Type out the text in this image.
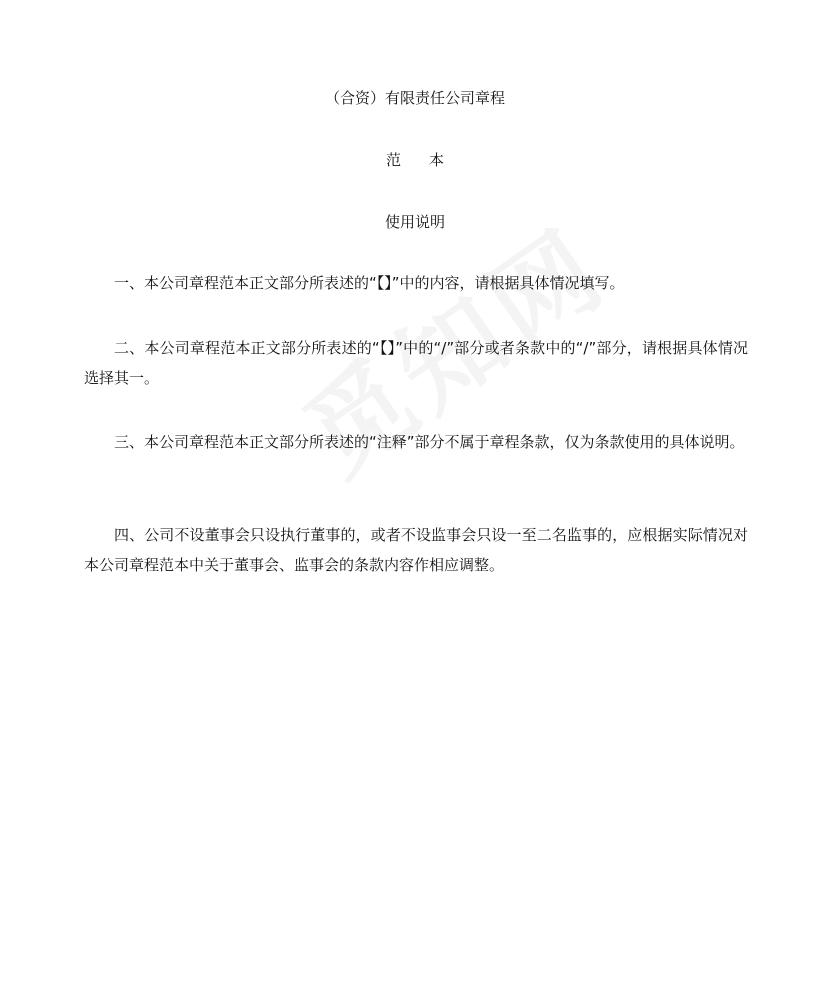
（合资）有限责任公司章程
范 本
使用说明
一、本公司章程范本正文部分所表述的“【】”中的内容，请根据具体情况填写。
二、本公司章程范本正文部分所表述的“【】”中的“/”部分或者条款中的“/”部分，请根据具体情况选择其一。
三、本公司章程范本正文部分所表述的“注释”部分不属于章程条款，仅为条款使用的具体说明。
四、公司不设董事会只设执行董事的，或者不设监事会只设一至二名监事的，应根据实际情况对本公司章程范本中关于董事会、监事会的条款内容作相应调整。
